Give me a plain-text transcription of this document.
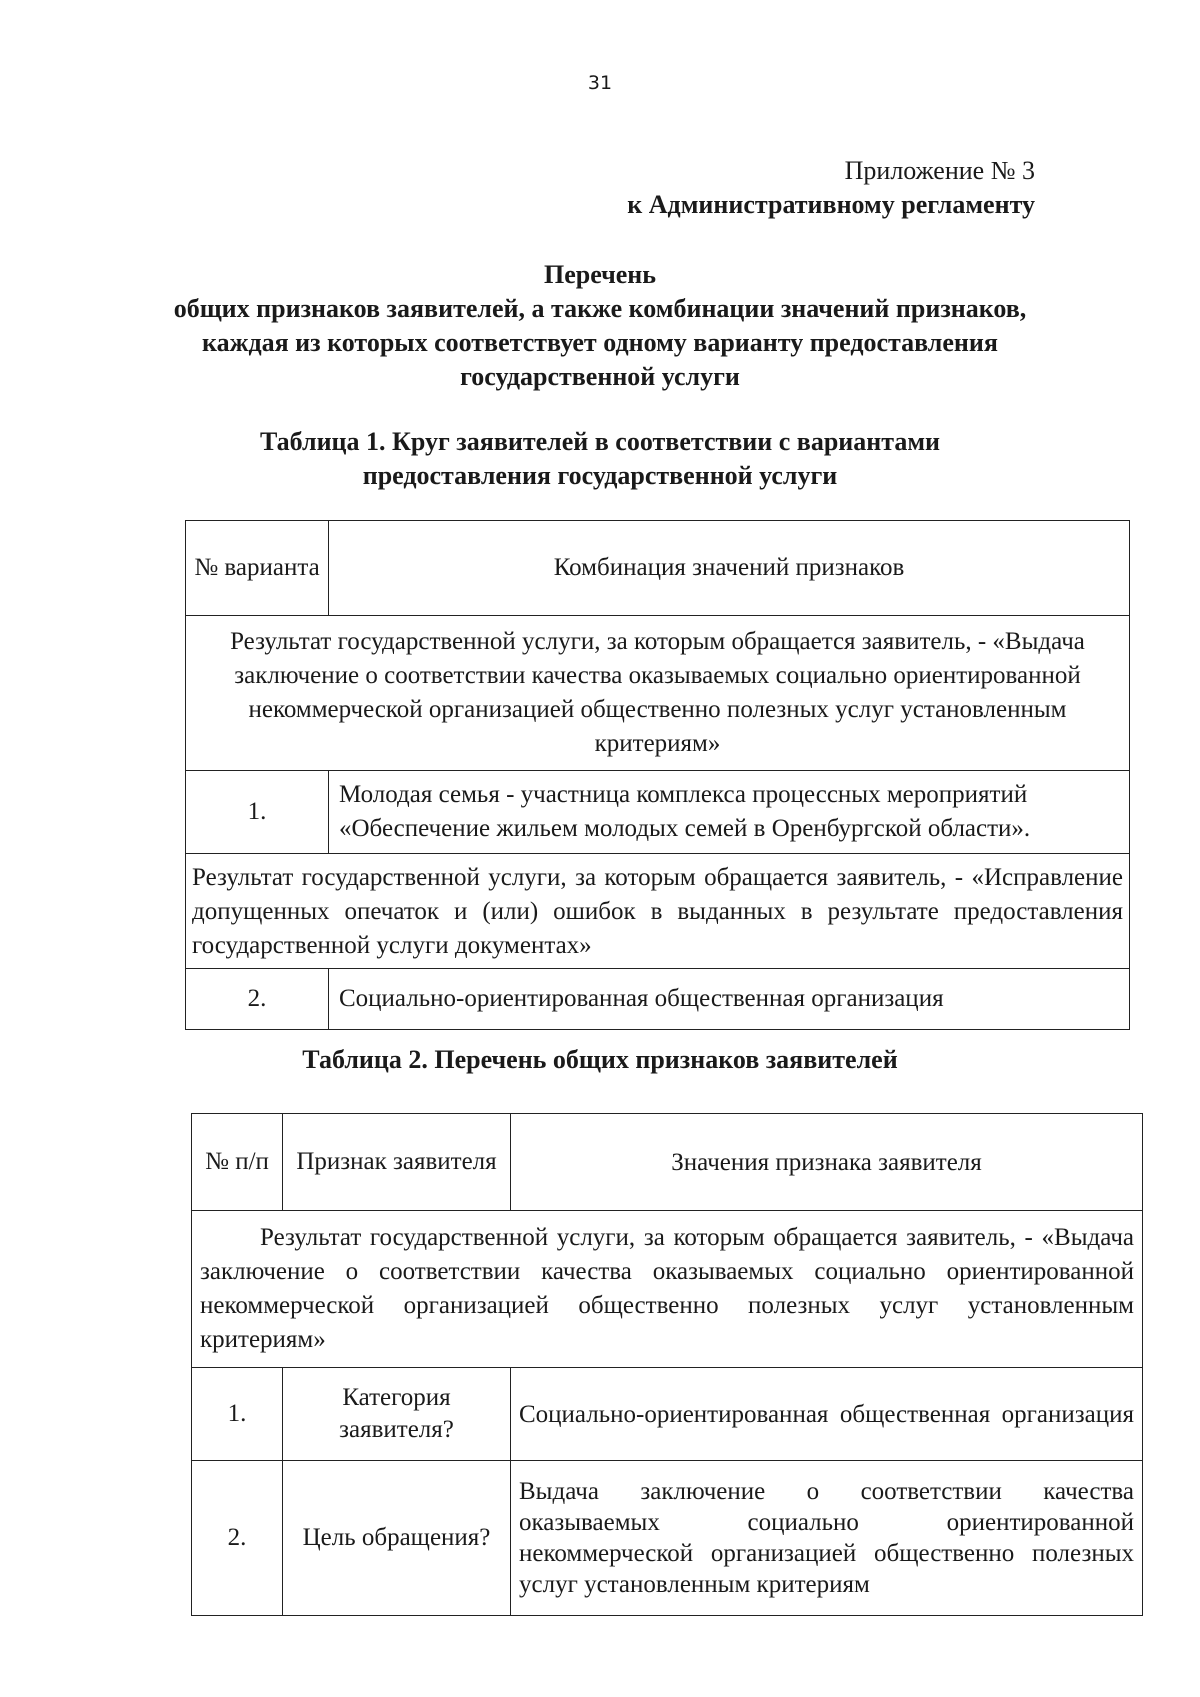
31
Приложение № 3
к Административному регламенту
Перечень
общих признаков заявителей, а также комбинации значений признаков,
каждая из которых соответствует одному варианту предоставления
государственной услуги
Таблица 1. Круг заявителей в соответствии с вариантами
предоставления государственной услуги
№ варианта	Комбинация значений признаков
Результат государственной услуги, за которым обращается заявитель, - «Выдача заключение о соответствии качества оказываемых социально ориентированной некоммерческой организацией общественно полезных услуг установленным критериям»	
1.	Молодая семья - участница комплекса процессных мероприятий «Обеспечение жильем молодых семей в Оренбургской области».
Результат государственной услуги, за которым обращается заявитель, - «Исправление допущенных опечаток и (или) ошибок в выданных в результате предоставления государственной услуги документах»	
2.	Социально-ориентированная общественная организация
Таблица 2. Перечень общих признаков заявителей
№ п/п	Признак заявителя	Значения признака заявителя
Результат государственной услуги, за которым обращается заявитель, - «Выдача заключение о соответствии качества оказываемых социально ориентированной некоммерческой организацией общественно полезных услуг установленным критериям»		
1.	Категория заявителя?	Социально-ориентированная общественная организация
2.	Цель обращения?	Выдача заключение о соответствии качества оказываемых социально ориентированной некоммерческой организацией общественно полезных услуг установленным критериям
